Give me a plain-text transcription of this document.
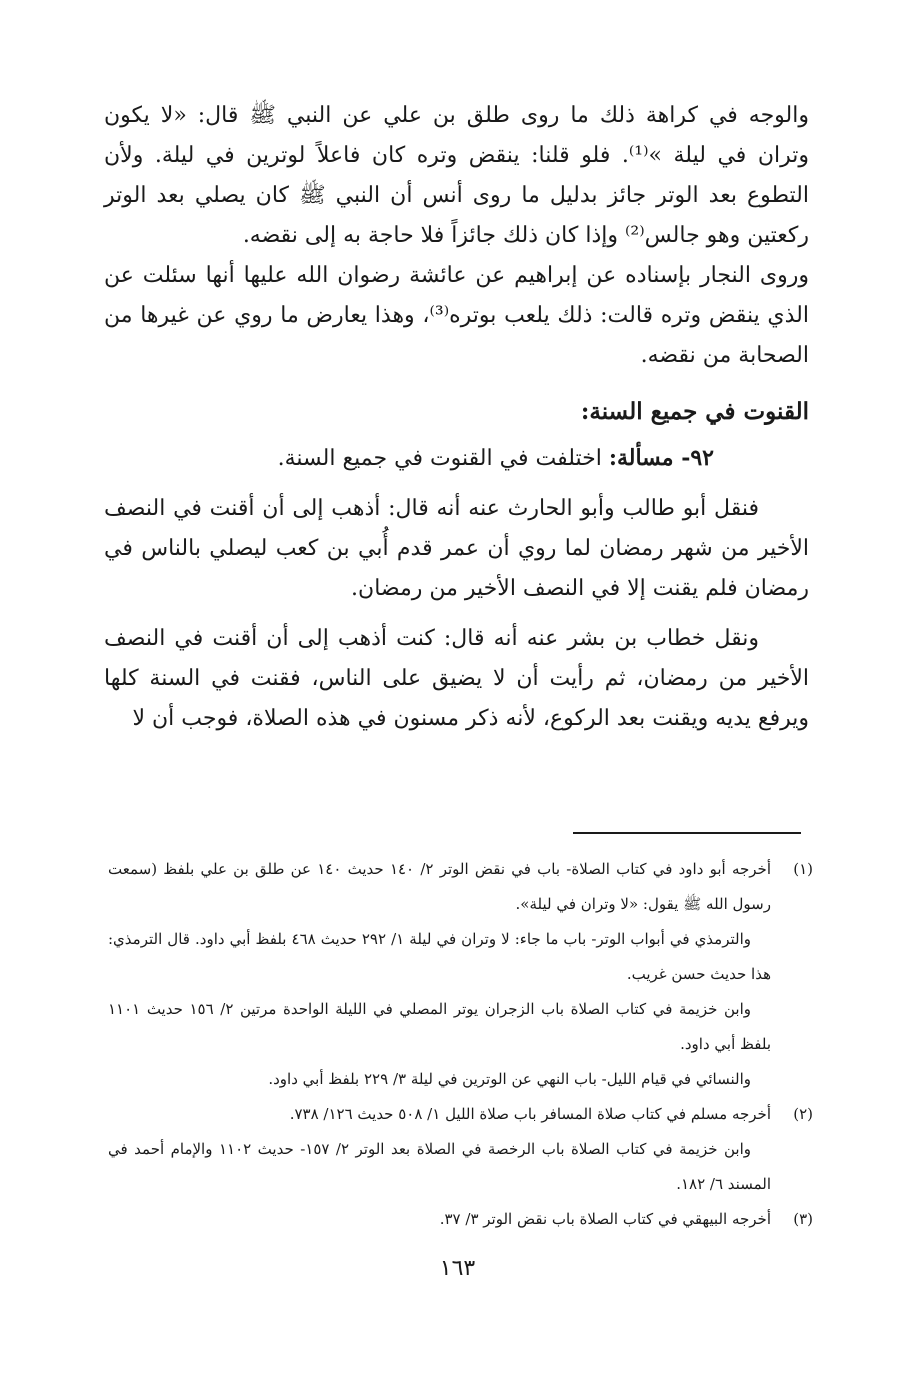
والوجه في كراهة ذلك ما روى طلق بن علي عن النبي ﷺ قال: «لا يكون وتران في ليلة »⁽¹⁾. فلو قلنا: ينقض وتره كان فاعلاً لوترين في ليلة. ولأن التطوع بعد الوتر جائز بدليل ما روى أنس أن النبي ﷺ كان يصلي بعد الوتر ركعتين وهو جالس⁽²⁾ وإذا كان ذلك جائزاً فلا حاجة به إلى نقضه.

وروى النجار بإسناده عن إبراهيم عن عائشة رضوان الله عليها أنها سئلت عن الذي ينقض وتره قالت: ذلك يلعب بوتره⁽³⁾، وهذا يعارض ما روي عن غيرها من الصحابة من نقضه.

القنوت في جميع السنة:

٩٢- مسألة: اختلفت في القنوت في جميع السنة.

فنقل أبو طالب وأبو الحارث عنه أنه قال: أذهب إلى أن أقنت في النصف الأخير من شهر رمضان لما روي أن عمر قدم أُبي بن كعب ليصلي بالناس في رمضان فلم يقنت إلا في النصف الأخير من رمضان.

ونقل خطاب بن بشر عنه أنه قال: كنت أذهب إلى أن أقنت في النصف الأخير من رمضان، ثم رأيت أن لا يضيق على الناس، فقنت في السنة كلها ويرفع يديه ويقنت بعد الركوع، لأنه ذكر مسنون في هذه الصلاة، فوجب أن لا

(١)
أخرجه أبو داود في كتاب الصلاة- باب في نقض الوتر ٢/ ١٤٠ حديث ١٤٠ عن طلق بن علي بلفظ (سمعت رسول الله ﷺ يقول: «لا وتران في ليلة».
والترمذي في أبواب الوتر- باب ما جاء: لا وتران في ليلة ١/ ٢٩٢ حديث ٤٦٨ بلفظ أبي داود. قال الترمذي: هذا حديث حسن غريب.
وابن خزيمة في كتاب الصلاة باب الزجران يوتر المصلي في الليلة الواحدة مرتين ٢/ ١٥٦ حديث ١١٠١ بلفظ أبي داود.
والنسائي في قيام الليل- باب النهي عن الوترين في ليلة ٣/ ٢٢٩ بلفظ أبي داود.
(٢)
أخرجه مسلم في كتاب صلاة المسافر باب صلاة الليل ١/ ٥٠٨ حديث ١٢٦/ ٧٣٨.
وابن خزيمة في كتاب الصلاة باب الرخصة في الصلاة بعد الوتر ٢/ ١٥٧- حديث ١١٠٢ والإمام أحمد في المسند ٦/ ١٨٢.
(٣)
أخرجه البيهقي في كتاب الصلاة باب نقض الوتر ٣/ ٣٧.
١٦٣
